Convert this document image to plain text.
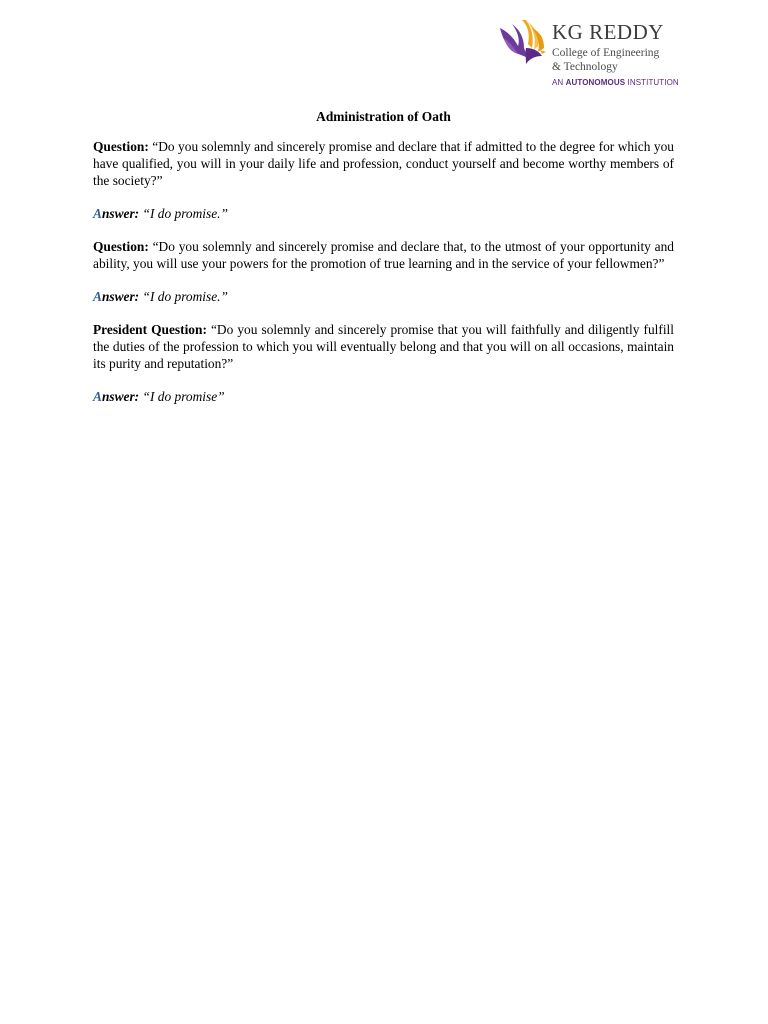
KG REDDY
College of Engineering
& Technology
AN AUTONOMOUS INSTITUTION
Administration of Oath

Question: “Do you solemnly and sincerely promise and declare that if admitted to the degree for which you have qualified, you will in your daily life and profession, conduct yourself and become worthy members of the society?”

Answer: “I do promise.”

Question: “Do you solemnly and sincerely promise and declare that, to the utmost of your opportunity and ability, you will use your powers for the promotion of true learning and in the service of your fellowmen?”

Answer: “I do promise.”

President Question: “Do you solemnly and sincerely promise that you will faithfully and diligently fulfill the duties of the profession to which you will eventually belong and that you will on all occasions, maintain its purity and reputation?”

Answer: “I do promise”
